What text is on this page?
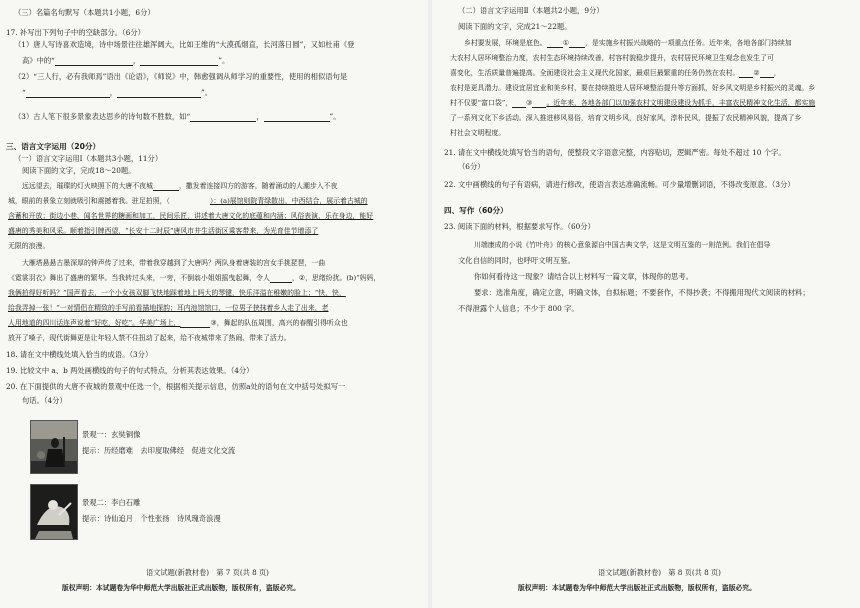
（三）名篇名句默写（本题共1小题，6分）
17. 补写出下列句子中的空缺部分。（6分）
（1）唐人写诗喜欢造境，诗中场景往往雄浑阔大，比如王维的“大漠孤烟直，长河落日圆”，又如杜甫《登
高》中的“	，	”。
（2）“三人行，必有我师焉”语出《论语》，《师说》中，韩愈强调从师学习的重要性，使用的相似语句是
“	，	”。
（3）古人笔下很多景象表达思乡的诗句数不胜数，如“	，	”。
三、语言文字运用（20分）
（一）语言文字运用Ⅰ（本题共3小题，11分）
阅读下面的文字，完成18～20题。
远远望去，璀璨的灯火映照下的大唐不夜城	，撒发着连接四方的游客，随着涌动的人潮步入不夜
城，眼前的景象立刻就吸引和震撼着我。驻足拍照，（	）：(a)展馆则院青绿散出，中西结合，展示着古城的
含蓄和开放；街边小巷，闻名世界的糖画和加工，民间乐匠，讲述着大唐文化的底蕴和内涵；风俗表演，乐在身边，能好
盛唐的秀美和风采。顺着指引牌西望，“长安十二时辰”唐风市井生活街区乘客带来，为光育佳节增添了
无限的浪漫。
大雁塔悬悬古墨深厚的钟声传了过来，带着我穿越到了大唐吗？两队身着唐装的宫女手挑琵琶，一曲
《霓裳羽衣》舞出了盛唐的繁华。当我转过头来，一旁，不倒翁小姐姐摇曳起舞，令人	，②，思绪纷扰。(b)“妈妈，
我俩拍得好听吗？”国声看去，一个小女孩双脚飞快地踩着地上吗大的琴键，快乐洋溢在稚嫩的脸上；“快，快，
给我弄掉一张！”一对情侣在精致的手写前看描地探韵；耳内池馆馆口，一位男子挟抹着乡人走了出来，老
人用地道的四川话连声说着“好吃，好吃”。华美广场上，	③，舞起的队伍周围，高兴的春醒引得听众也
放开了嗓子，现代街舞更是让年轻人禁不住扭动了起来，给不夜城带来了热闹、带来了活力。
18. 请在文中横线处填入恰当的成语。（3分）
19. 比较文中 a、b 两处画横线的句子的句式特点，分析其表达效果。（4分）
20. 在下面提供的大唐不夜城的景观中任选一个，根据相关提示信息，仿照a处的语句在文中括号处拟写一
句话。（4分）
景观一：玄奘铜像
提示：历经磨难　去印度取佛经　促进文化交流
景观二：李白石雕
提示：诗仙追月　个性张扬　诗风瑰奇浪漫
语文试题(新教材卷)　第 7 页(共 8 页)
版权声明：本试题卷为华中师范大学出版社正式出版物，版权所有，盗版必究。
（二）语言文字运用Ⅱ（本题共2小题，9分）
阅读下面的文字，完成21～22题。
乡村要发展，环境是底色。 ① ，是实施乡村振兴战略的一项重点任务。近年来，各地各部门持续加
大农村人居环境整治力度，农村生态环境持续改善，村容村貌稳步提升，农村居民环境卫生观念也发生了可
喜变化，生活质量普遍提高。全面建设社会主义现代化国家，最艰巨最繁重的任务仍然在农村。 ② ，
农村是更具潜力。建设宜居宜业和美乡村，要在持续推进人居环境整治提升等方面抓，好乡风文明是乡村振兴的灵魂。乡
村不仅要“富口袋”， ③ 。近年来，各地各部门以加强农村文明建设建设为抓手，丰富农民精神文化生活，都实施
了一系列文化下乡活动。深入推进移风易俗，培育文明乡风，良好家风，淳朴民风，提振了农民精神风貌，提高了乡
村社会文明程度。
21. 请在文中横线处填写恰当的语句，使整段文字语意完整，内容贴切，逻辑严密。每处不超过 10 个字。
（6分）
22. 文中画横线的句子有语病，请进行修改，使语言表达准确流畅。可少量增删词语，不得改变原意。（3分）
四、写作（60分）
23. 阅读下面的材料，根据要求写作。（60分）
川端康成的小说《竹叶舟》的核心意象源自中国古典文学，这是文明互鉴的一则范例。我们在倡导
文化自信的同时，也呼吁文明互鉴。
你如何看待这一现象？请结合以上材料写一篇文章，体现你的思考。
要求：选准角度，确定立意，明确文体，自拟标题；不要套作，不得抄袭；不得搬用现代文阅读的材料；
不得泄露个人信息；不少于 800 字。
语文试题(新教材卷)　第 8 页(共 8 页)
版权声明：本试题卷为华中师范大学出版社正式出版物，版权所有，盗版必究。
